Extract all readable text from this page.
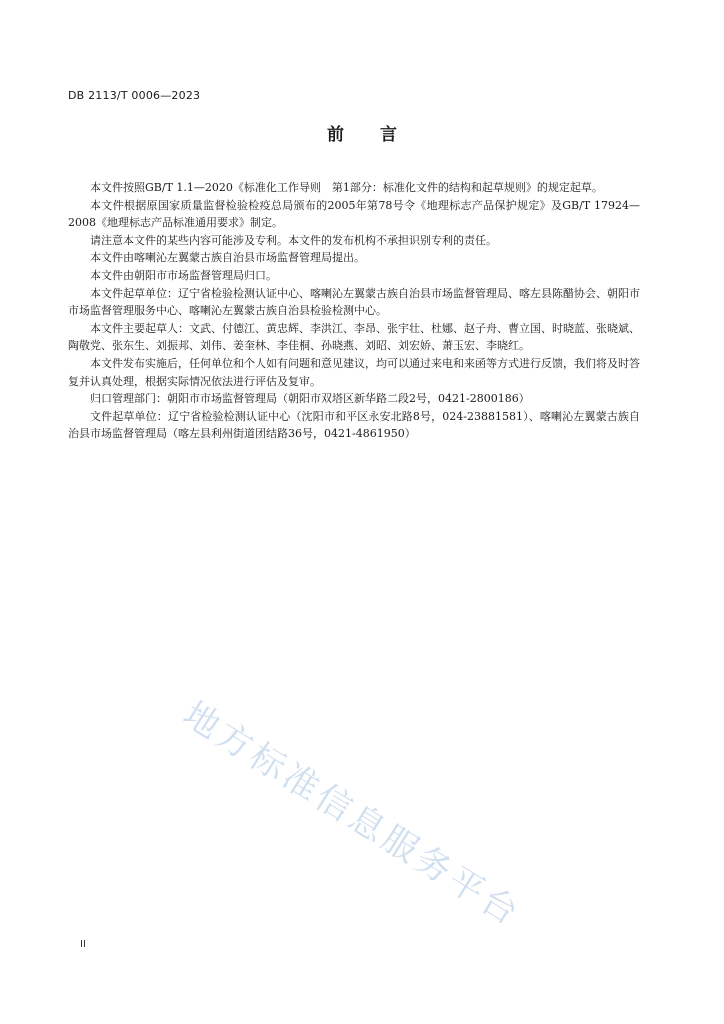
DB 2113/T 0006—2023
前 言

本文件按照GB/T 1.1—2020《标准化工作导则　第1部分：标准化文件的结构和起草规则》的规定起草。

本文件根据原国家质量监督检验检疫总局颁布的2005年第78号令《地理标志产品保护规定》及GB/T 17924—2008《地理标志产品标准通用要求》制定。

请注意本文件的某些内容可能涉及专利。本文件的发布机构不承担识别专利的责任。

本文件由喀喇沁左翼蒙古族自治县市场监督管理局提出。

本文件由朝阳市市场监督管理局归口。

本文件起草单位：辽宁省检验检测认证中心、喀喇沁左翼蒙古族自治县市场监督管理局、喀左县陈醋协会、朝阳市市场监督管理服务中心、喀喇沁左翼蒙古族自治县检验检测中心。

本文件主要起草人：文武、付德江、黄忠辉、李洪江、李昂、张宇壮、杜娜、赵子舟、曹立国、时晓蓝、张晓斌、陶敬党、张东生、刘振邦、刘伟、姜奎林、李佳桐、孙晓燕、刘昭、刘宏娇、萧玉宏、李晓红。

本文件发布实施后，任何单位和个人如有问题和意见建议，均可以通过来电和来函等方式进行反馈，我们将及时答复并认真处理，根据实际情况依法进行评估及复审。

归口管理部门：朝阳市市场监督管理局（朝阳市双塔区新华路二段2号，0421-2800186）

文件起草单位：辽宁省检验检测认证中心（沈阳市和平区永安北路8号，024-23881581）、喀喇沁左翼蒙古族自治县市场监督管理局（喀左县利州街道团结路36号，0421-4861950）

地方标准信息服务平台
II
